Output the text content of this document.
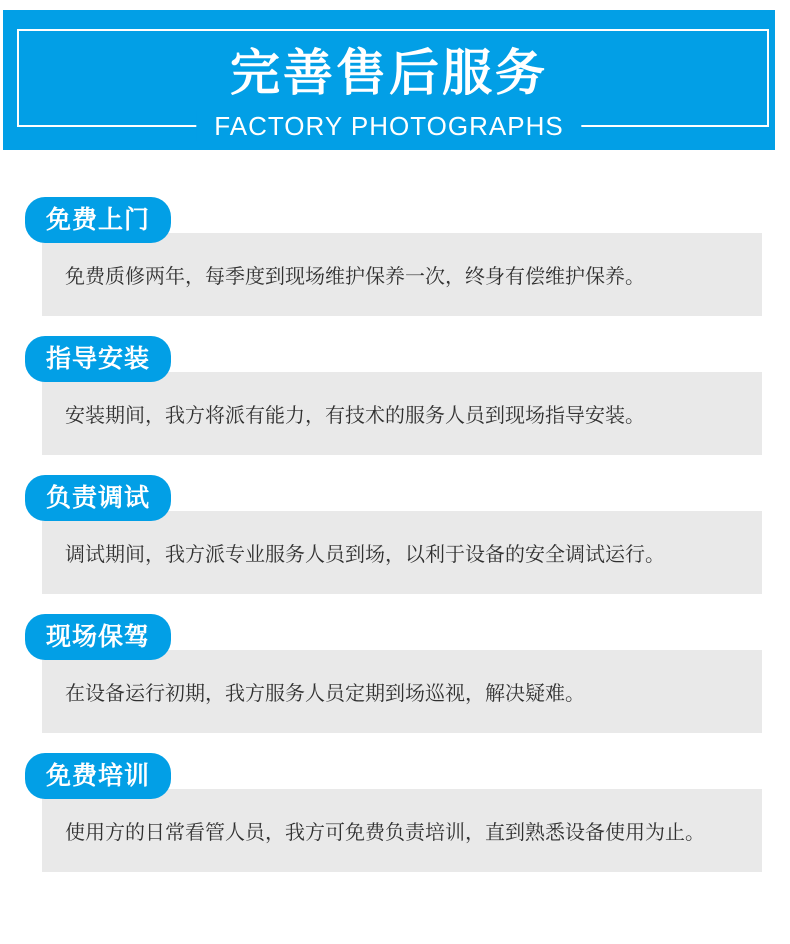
完善售后服务
FACTORY PHOTOGRAPHS
免费上门
免费质修两年，每季度到现场维护保养一次，终身有偿维护保养。
指导安装
安装期间，我方将派有能力，有技术的服务人员到现场指导安装。
负责调试
调试期间，我方派专业服务人员到场，以利于设备的安全调试运行。
现场保驾
在设备运行初期，我方服务人员定期到场巡视，解决疑难。
免费培训
使用方的日常看管人员，我方可免费负责培训，直到熟悉设备使用为止。
